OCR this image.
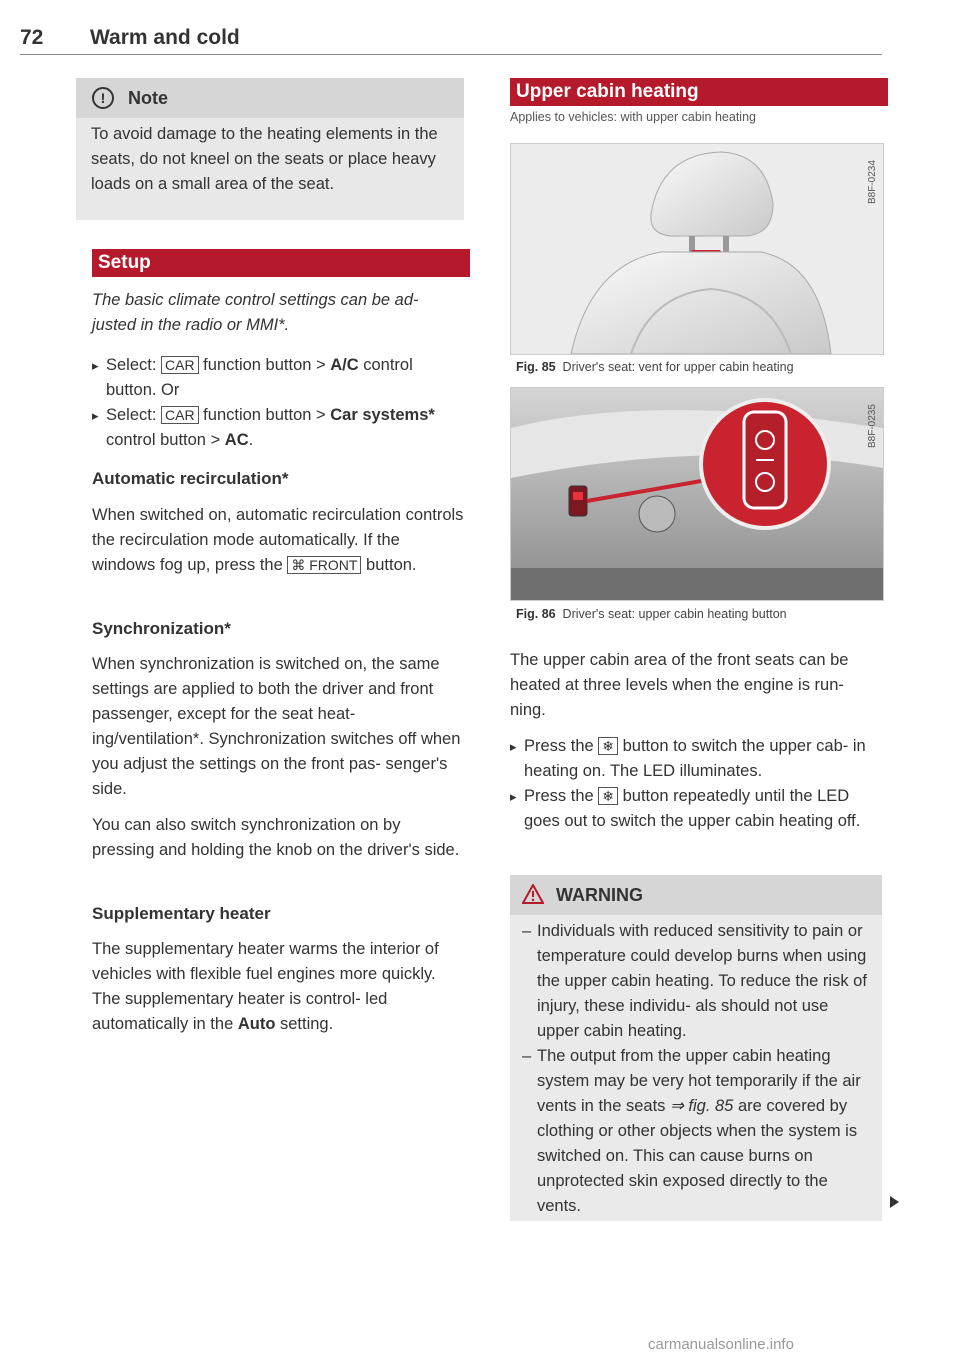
72 Warm and cold
!	Note
To avoid damage to the heating elements in the seats, do not kneel on the seats or place heavy loads on a small area of the seat.
Setup
The basic climate control settings can be ad- justed in the radio or MMI*.
Select: CAR function button > A/C control button. Or
Select: CAR function button > Car systems* control button > AC.
Automatic recirculation*
When switched on, automatic recirculation controls the recirculation mode automatically. If the windows fog up, press the ⌘ FRONT button.
Synchronization*
When synchronization is switched on, the same settings are applied to both the driver and front passenger, except for the seat heat- ing/ventilation*. Synchronization switches off when you adjust the settings on the front pas- senger's side.
You can also switch synchronization on by pressing and holding the knob on the driver's side.
Supplementary heater
The supplementary heater warms the interior of vehicles with flexible fuel engines more quickly. The supplementary heater is control- led automatically in the Auto setting.
Upper cabin heating
Applies to vehicles: with upper cabin heating
B8F-0234
Fig. 85 Driver's seat: vent for upper cabin heating
B8F-0235
Fig. 86 Driver's seat: upper cabin heating button
The upper cabin area of the front seats can be heated at three levels when the engine is run- ning.
Press the ❄ button to switch the upper cab- in heating on. The LED illuminates.
Press the ❄ button repeatedly until the LED goes out to switch the upper cabin heating off.
WARNING
– Individuals with reduced sensitivity to pain or temperature could develop burns when using the upper cabin heating. To reduce the risk of injury, these individu- als should not use upper cabin heating.
– The output from the upper cabin heating system may be very hot temporarily if the air vents in the seats ⇒ fig. 85 are covered by clothing or other objects when the system is switched on. This can cause burns on unprotected skin exposed directly to the vents.
carmanualsonline.info
